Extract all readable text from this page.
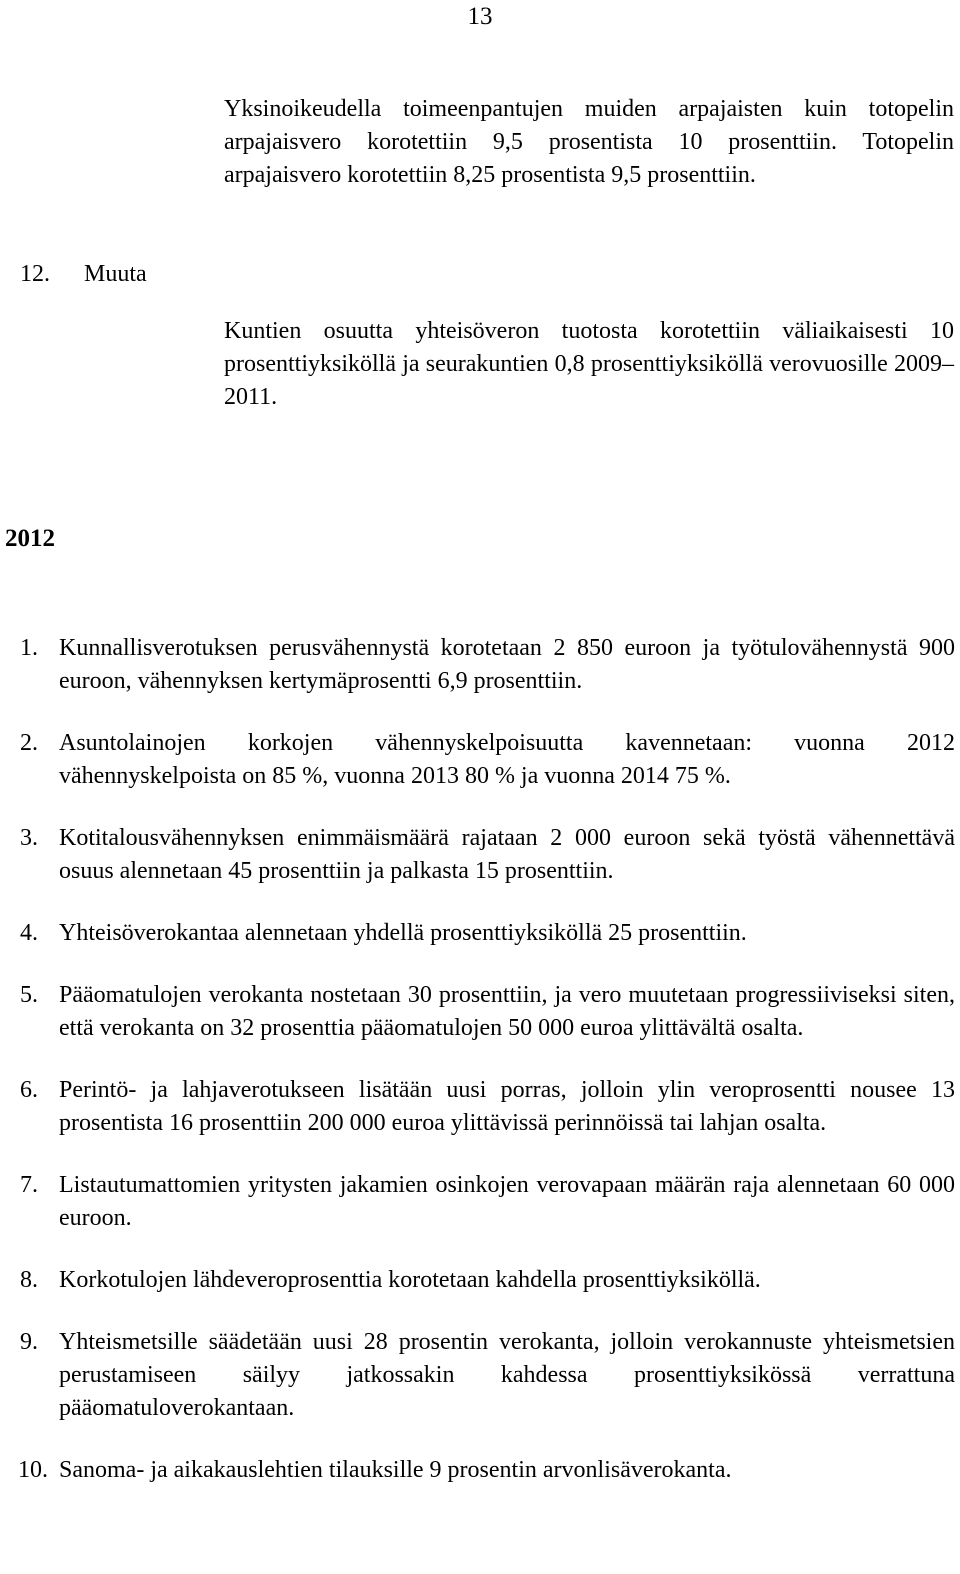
13
Yksinoikeudella toimeenpantujen muiden arpajaisten kuin totopelin arpajaisvero korotettiin 9,5 prosentista 10 prosenttiin. Totopelin arpajaisvero korotettiin 8,25 prosentista 9,5 prosenttiin.
12. Muuta
Kuntien osuutta yhteisöveron tuotosta korotettiin väliaikaisesti 10 prosenttiyksiköllä ja seurakuntien 0,8 prosenttiyksiköllä verovuosille 2009–2011.
2012
1. Kunnallisverotuksen perusvähennystä korotetaan 2 850 euroon ja työtulovähennystä 900 euroon, vähennyksen kertymäprosentti 6,9 prosenttiin.
2. Asuntolainojen korkojen vähennyskelpoisuutta kavennetaan: vuonna 2012 vähennyskelpoista on 85 %, vuonna 2013 80 % ja vuonna 2014 75 %.
3. Kotitalousvähennyksen enimmäismäärä rajataan 2 000 euroon sekä työstä vähennettävä osuus alennetaan 45 prosenttiin ja palkasta 15 prosenttiin.
4. Yhteisöverokantaa alennetaan yhdellä prosenttiyksiköllä 25 prosenttiin.
5. Pääomatulojen verokanta nostetaan 30 prosenttiin, ja vero muutetaan progressiiviseksi siten, että verokanta on 32 prosenttia pääomatulojen 50 000 euroa ylittävältä osalta.
6. Perintö- ja lahjaverotukseen lisätään uusi porras, jolloin ylin veroprosentti nousee 13 prosentista 16 prosenttiin 200 000 euroa ylittävissä perinnöissä tai lahjan osalta.
7. Listautumattomien yritysten jakamien osinkojen verovapaan määrän raja alennetaan 60 000 euroon.
8. Korkotulojen lähdeveroprosenttia korotetaan kahdella prosenttiyksiköllä.
9. Yhteismetsille säädetään uusi 28 prosentin verokanta, jolloin verokannuste yhteismetsien perustamiseen säilyy jatkossakin kahdessa prosenttiyksikössä verrattuna pääomatuloverokantaan.
10. Sanoma- ja aikakauslehtien tilauksille 9 prosentin arvonlisäverokanta.
